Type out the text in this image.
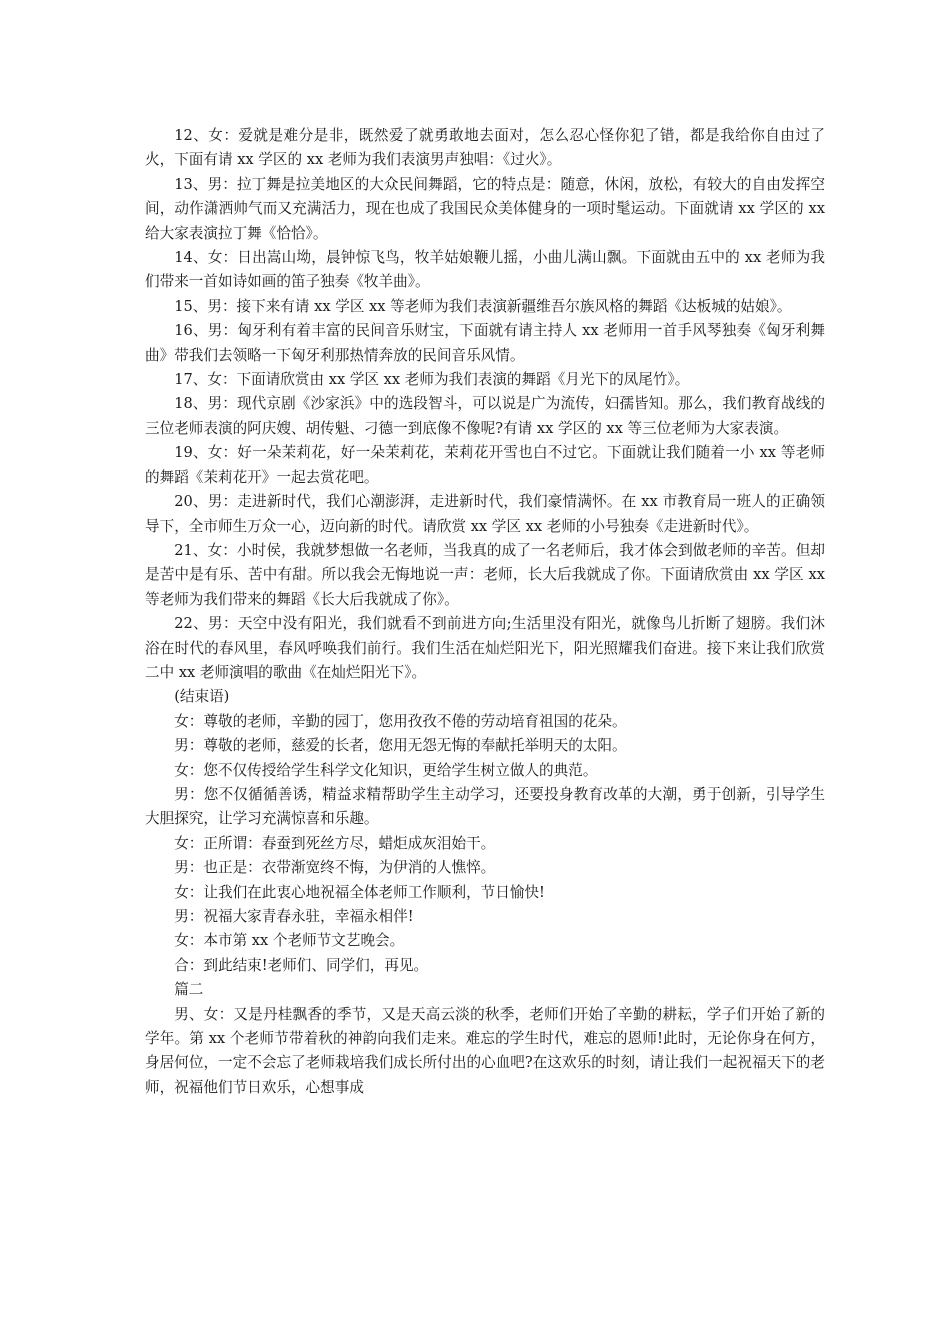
12、女：爱就是难分是非，既然爱了就勇敢地去面对，怎么忍心怪你犯了错，都是我给你自由过了火，下面有请 xx 学区的 xx 老师为我们表演男声独唱：《过火》。

13、男：拉丁舞是拉美地区的大众民间舞蹈，它的特点是：随意，休闲，放松，有较大的自由发挥空间，动作潇洒帅气而又充满活力，现在也成了我国民众美体健身的一项时髦运动。下面就请 xx 学区的 xx 给大家表演拉丁舞《恰恰》。

14、女：日出嵩山坳，晨钟惊飞鸟，牧羊姑娘鞭儿摇，小曲儿满山飘。下面就由五中的 xx 老师为我们带来一首如诗如画的笛子独奏《牧羊曲》。

15、男：接下来有请 xx 学区 xx 等老师为我们表演新疆维吾尔族风格的舞蹈《达板城的姑娘》。

16、男：匈牙利有着丰富的民间音乐财宝，下面就有请主持人 xx 老师用一首手风琴独奏《匈牙利舞曲》带我们去领略一下匈牙利那热情奔放的民间音乐风情。

17、女：下面请欣赏由 xx 学区 xx 老师为我们表演的舞蹈《月光下的凤尾竹》。

18、男：现代京剧《沙家浜》中的选段智斗，可以说是广为流传，妇孺皆知。那么，我们教育战线的三位老师表演的阿庆嫂、胡传魁、刁德一到底像不像呢?有请 xx 学区的 xx 等三位老师为大家表演。

19、女：好一朵茉莉花，好一朵茉莉花，茉莉花开雪也白不过它。下面就让我们随着一小 xx 等老师的舞蹈《茉莉花开》一起去赏花吧。

20、男：走进新时代，我们心潮澎湃，走进新时代，我们豪情满怀。在 xx 市教育局一班人的正确领导下，全市师生万众一心，迈向新的时代。请欣赏 xx 学区 xx 老师的小号独奏《走进新时代》。

21、女：小时侯，我就梦想做一名老师，当我真的成了一名老师后，我才体会到做老师的辛苦。但却是苦中是有乐、苦中有甜。所以我会无悔地说一声：老师，长大后我就成了你。下面请欣赏由 xx 学区 xx 等老师为我们带来的舞蹈《长大后我就成了你》。

22、男：天空中没有阳光，我们就看不到前进方向;生活里没有阳光，就像鸟儿折断了翅膀。我们沐浴在时代的春风里，春风呼唤我们前行。我们生活在灿烂阳光下，阳光照耀我们奋进。接下来让我们欣赏二中 xx 老师演唱的歌曲《在灿烂阳光下》。

(结束语)

女：尊敬的老师，辛勤的园丁，您用孜孜不倦的劳动培育祖国的花朵。

男：尊敬的老师，慈爱的长者，您用无怨无悔的奉献托举明天的太阳。

女：您不仅传授给学生科学文化知识，更给学生树立做人的典范。

男：您不仅循循善诱，精益求精帮助学生主动学习，还要投身教育改革的大潮，勇于创新，引导学生大胆探究，让学习充满惊喜和乐趣。

女：正所谓：春蚕到死丝方尽，蜡炬成灰泪始干。

男：也正是：衣带渐宽终不悔，为伊消的人憔悴。

女：让我们在此衷心地祝福全体老师工作顺利，节日愉快!

男：祝福大家青春永驻，幸福永相伴!

女：本市第 xx 个老师节文艺晚会。

合：到此结束!老师们、同学们，再见。

篇二

男、女：又是丹桂飘香的季节，又是天高云淡的秋季，老师们开始了辛勤的耕耘，学子们开始了新的学年。第 xx 个老师节带着秋的神韵向我们走来。难忘的学生时代，难忘的恩师!此时，无论你身在何方，身居何位，一定不会忘了老师栽培我们成长所付出的心血吧?在这欢乐的时刻，请让我们一起祝福天下的老师，祝福他们节日欢乐，心想事成
